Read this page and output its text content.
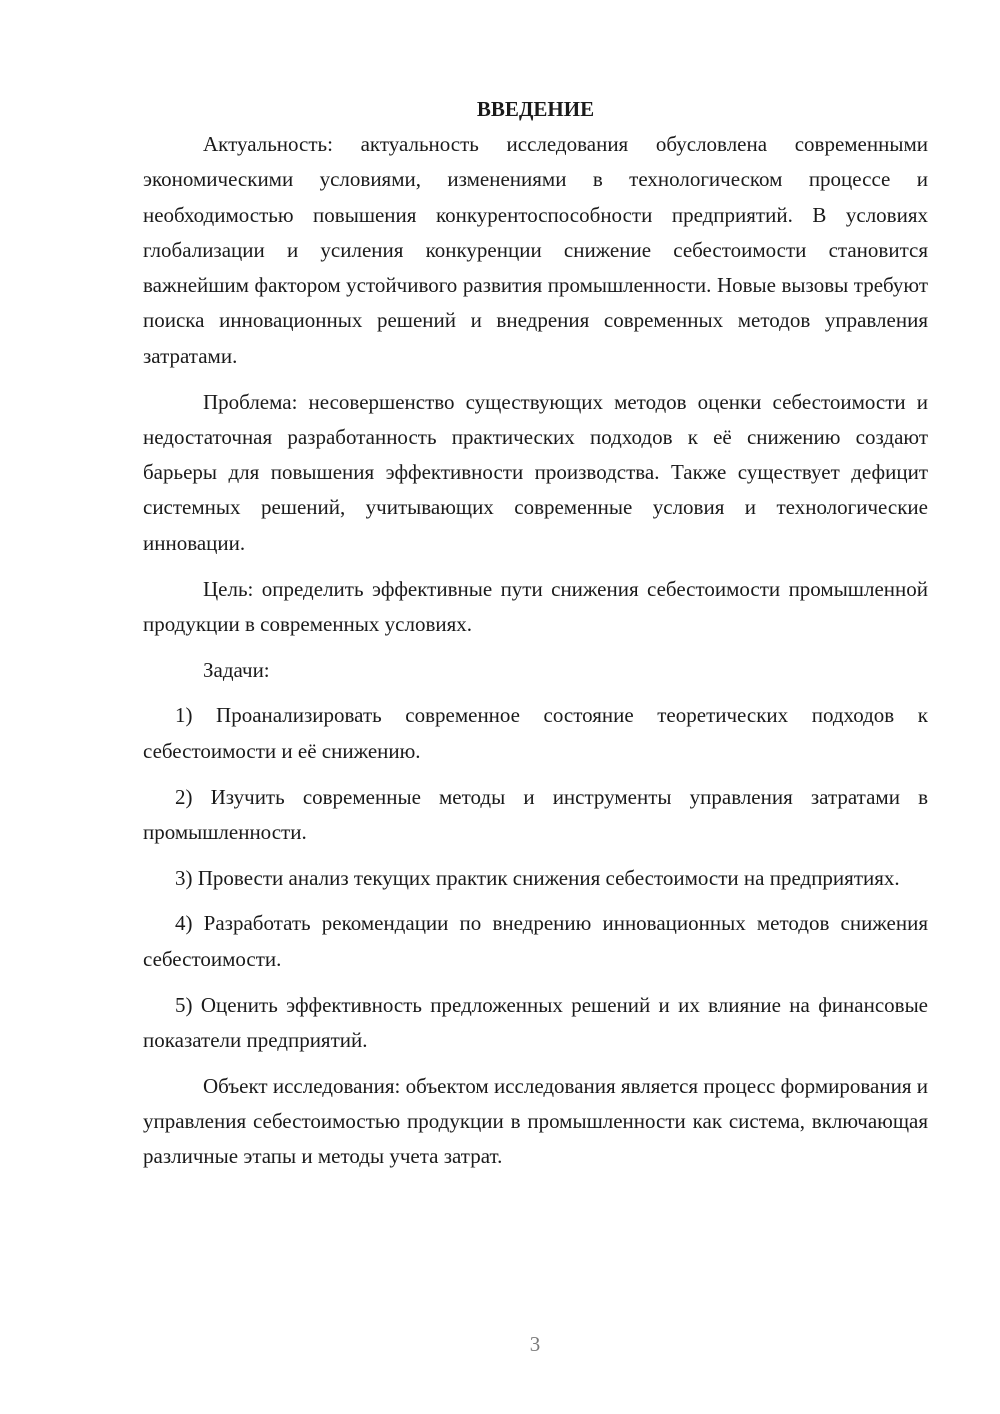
ВВЕДЕНИЕ

Актуальность: актуальность исследования обусловлена современными экономическими условиями, изменениями в технологическом процессе и необходимостью повышения конкурентоспособности предприятий. В условиях глобализации и усиления конкуренции снижение себестоимости становится важнейшим фактором устойчивого развития промышленности. Новые вызовы требуют поиска инновационных решений и внедрения современных методов управления затратами.

Проблема: несовершенство существующих методов оценки себестоимости и недостаточная разработанность практических подходов к её снижению создают барьеры для повышения эффективности производства. Также существует дефицит системных решений, учитывающих современные условия и технологические инновации.

Цель: определить эффективные пути снижения себестоимости промышленной продукции в современных условиях.

Задачи:

1) Проанализировать современное состояние теоретических подходов к себестоимости и её снижению.

2) Изучить современные методы и инструменты управления затратами в промышленности.

3) Провести анализ текущих практик снижения себестоимости на предприятиях.

4) Разработать рекомендации по внедрению инновационных методов снижения себестоимости.

5) Оценить эффективность предложенных решений и их влияние на финансовые показатели предприятий.

Объект исследования: объектом исследования является процесс формирования и управления себестоимостью продукции в промышленности как система, включающая различные этапы и методы учета затрат.

3
